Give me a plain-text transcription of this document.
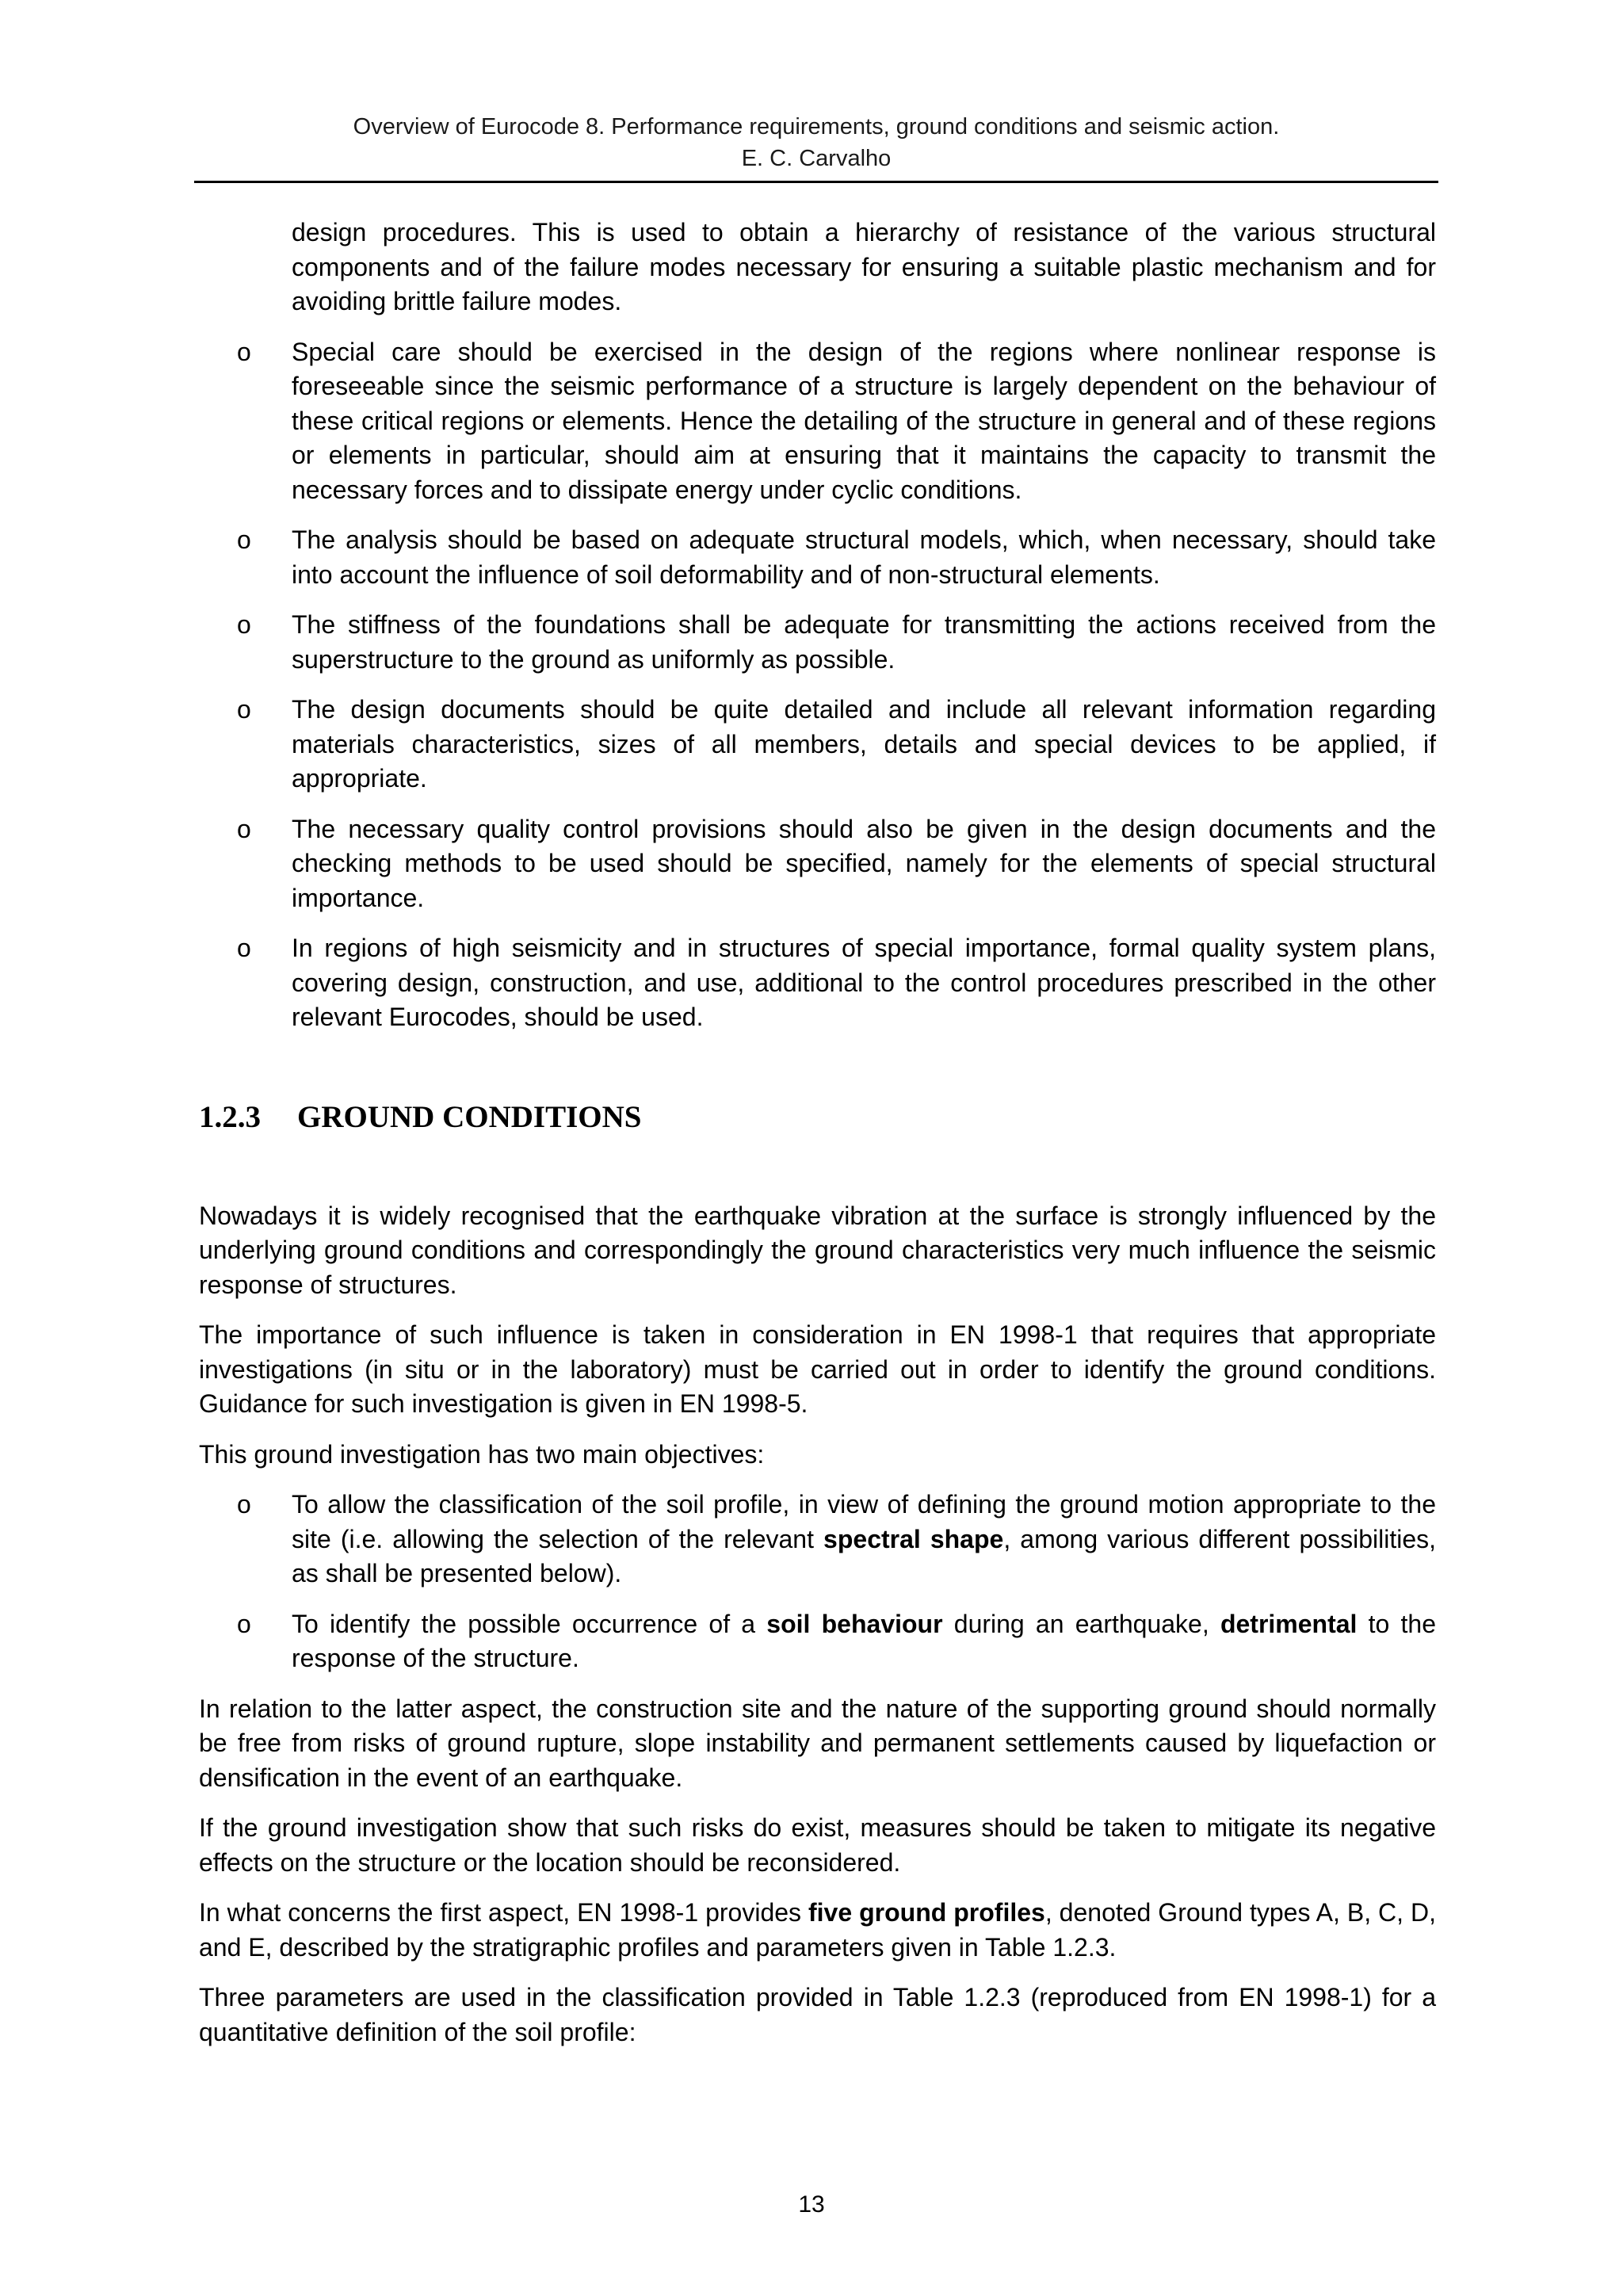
Overview of Eurocode 8. Performance requirements, ground conditions and seismic action.
E. C. Carvalho

design procedures. This is used to obtain a hierarchy of resistance of the various structural components and of the failure modes necessary for ensuring a suitable plastic mechanism and for avoiding brittle failure modes.

o Special care should be exercised in the design of the regions where nonlinear response is foreseeable since the seismic performance of a structure is largely dependent on the behaviour of these critical regions or elements. Hence the detailing of the structure in general and of these regions or elements in particular, should aim at ensuring that it maintains the capacity to transmit the necessary forces and to dissipate energy under cyclic conditions.

o The analysis should be based on adequate structural models, which, when necessary, should take into account the influence of soil deformability and of non-structural elements.

o The stiffness of the foundations shall be adequate for transmitting the actions received from the superstructure to the ground as uniformly as possible.

o The design documents should be quite detailed and include all relevant information regarding materials characteristics, sizes of all members, details and special devices to be applied, if appropriate.

o The necessary quality control provisions should also be given in the design documents and the checking methods to be used should be specified, namely for the elements of special structural importance.

o In regions of high seismicity and in structures of special importance, formal quality system plans, covering design, construction, and use, additional to the control procedures prescribed in the other relevant Eurocodes, should be used.

1.2.3 GROUND CONDITIONS

Nowadays it is widely recognised that the earthquake vibration at the surface is strongly influenced by the underlying ground conditions and correspondingly the ground characteristics very much influence the seismic response of structures.

The importance of such influence is taken in consideration in EN 1998-1 that requires that appropriate investigations (in situ or in the laboratory) must be carried out in order to identify the ground conditions. Guidance for such investigation is given in EN 1998-5.

This ground investigation has two main objectives:

o To allow the classification of the soil profile, in view of defining the ground motion appropriate to the site (i.e. allowing the selection of the relevant spectral shape, among various different possibilities, as shall be presented below).

o To identify the possible occurrence of a soil behaviour during an earthquake, detrimental to the response of the structure.

In relation to the latter aspect, the construction site and the nature of the supporting ground should normally be free from risks of ground rupture, slope instability and permanent settlements caused by liquefaction or densification in the event of an earthquake.

If the ground investigation show that such risks do exist, measures should be taken to mitigate its negative effects on the structure or the location should be reconsidered.

In what concerns the first aspect, EN 1998-1 provides five ground profiles, denoted Ground types A, B, C, D, and E, described by the stratigraphic profiles and parameters given in Table 1.2.3.

Three parameters are used in the classification provided in Table 1.2.3 (reproduced from EN 1998-1) for a quantitative definition of the soil profile:

13
